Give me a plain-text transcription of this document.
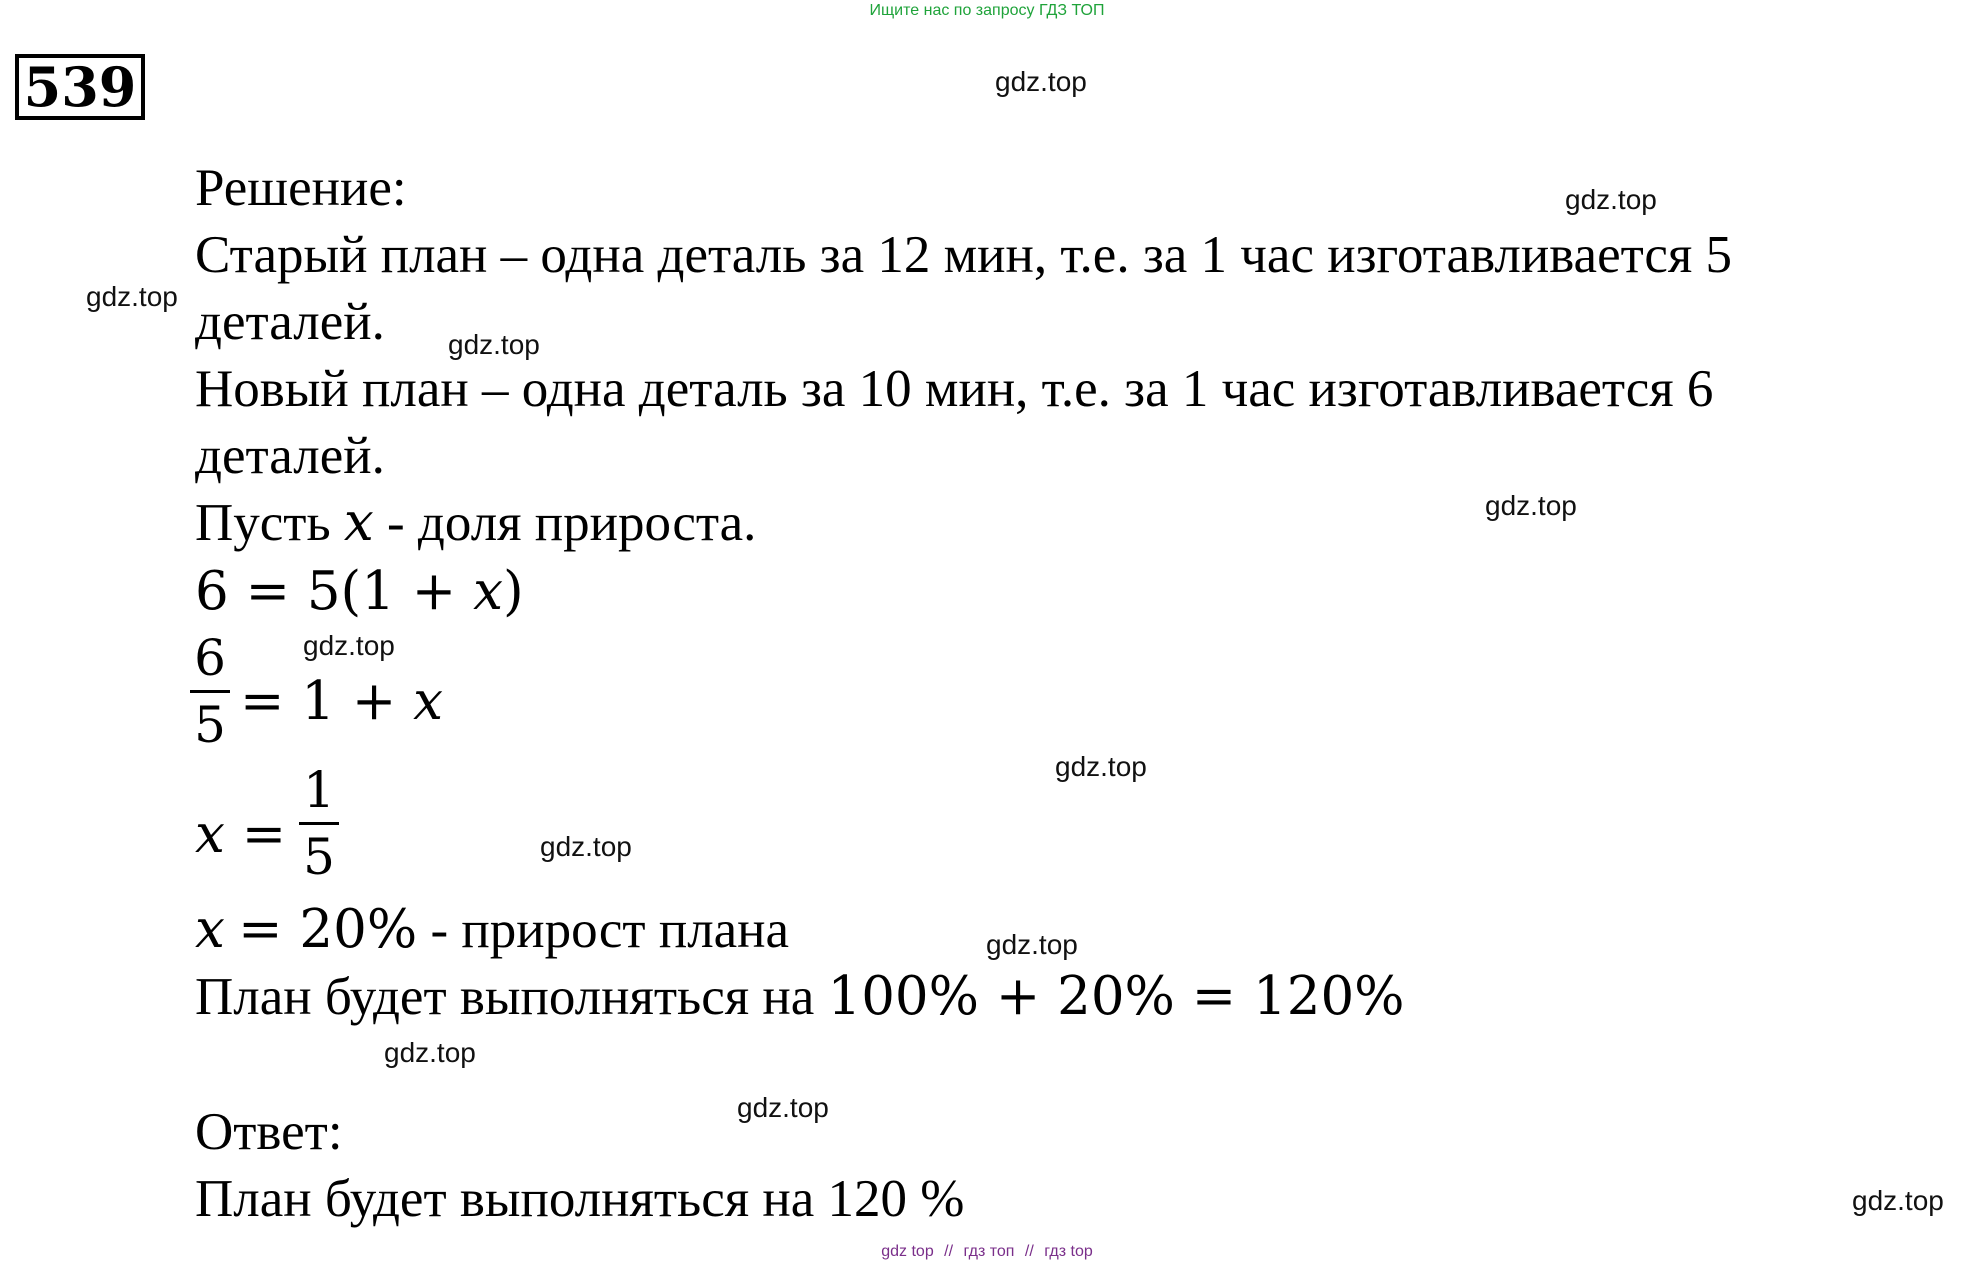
Ищите нас по запросу ГДЗ ТОП
539
Решение:
Старый план – одна деталь за 12 мин, т.е. за 1 час изготавливается 5
деталей.
Новый план – одна деталь за 10 мин, т.е. за 1 час изготавливается 6
деталей.
Пусть x - доля прироста.
6 = 5(1 + x)
6
5 = 1 + x
x =
1
5
x = 20% - прирост плана
План будет выполняться на 100% + 20% = 120%
Ответ:
План будет выполняться на 120 %
gdz.top
gdz.top
gdz.top
gdz.top
gdz.top
gdz.top
gdz.top
gdz.top
gdz.top
gdz.top
gdz.top
gdz.top
gdz top // гдз топ // гдз top
